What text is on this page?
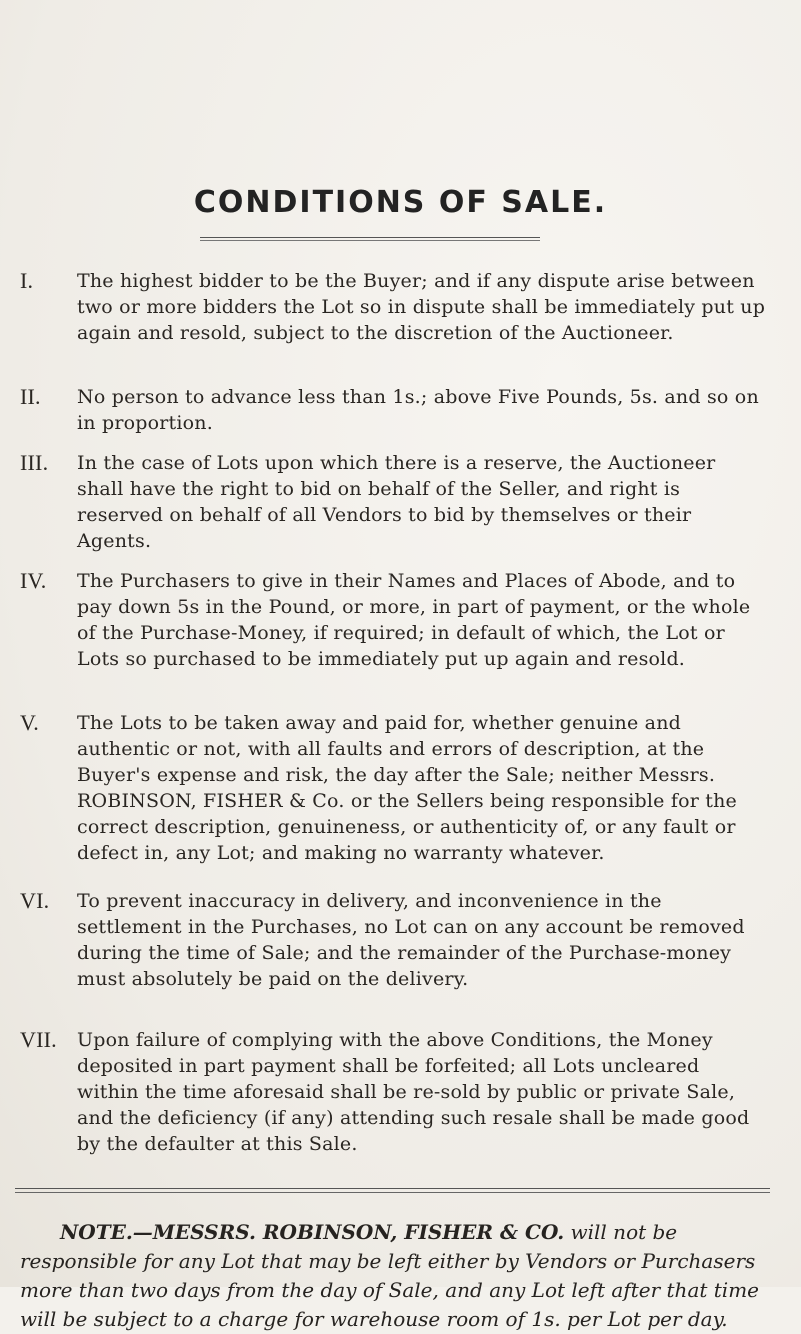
CONDITIONS OF SALE.
I.	The highest bidder to be the Buyer; and if any dispute arise between two or more bidders the Lot so in dispute shall be immediately put up again and resold, subject to the discretion of the Auctioneer.
II.	No person to advance less than 1s.; above Five Pounds, 5s. and so on in proportion.
III.	In the case of Lots upon which there is a reserve, the Auctioneer shall have the right to bid on behalf of the Seller, and right is reserved on behalf of all Vendors to bid by themselves or their Agents.
IV.	The Purchasers to give in their Names and Places of Abode, and to pay down 5s in the Pound, or more, in part of payment, or the whole of the Purchase-Money, if required; in default of which, the Lot or Lots so purchased to be immediately put up again and resold.
V.	The Lots to be taken away and paid for, whether genuine and authentic or not, with all faults and errors of description, at the Buyer's expense and risk, the day after the Sale; neither Messrs. ROBINSON, FISHER & Co. or the Sellers being responsible for the correct description, genuineness, or authenticity of, or any fault or defect in, any Lot; and making no warranty whatever.
VI.	To prevent inaccuracy in delivery, and inconvenience in the settlement in the Purchases, no Lot can on any account be removed during the time of Sale; and the remainder of the Purchase-money must absolutely be paid on the delivery.
VII.	Upon failure of complying with the above Conditions, the Money deposited in part payment shall be forfeited; all Lots uncleared within the time aforesaid shall be re-sold by public or private Sale, and the deficiency (if any) attending such resale shall be made good by the defaulter at this Sale.
NOTE.—MESSRS. ROBINSON, FISHER & CO. will not be responsible for any Lot that may be left either by Vendors or Purchasers more than two days from the day of Sale, and any Lot left after that time will be subject to a charge for warehouse room of 1s. per Lot per day.
